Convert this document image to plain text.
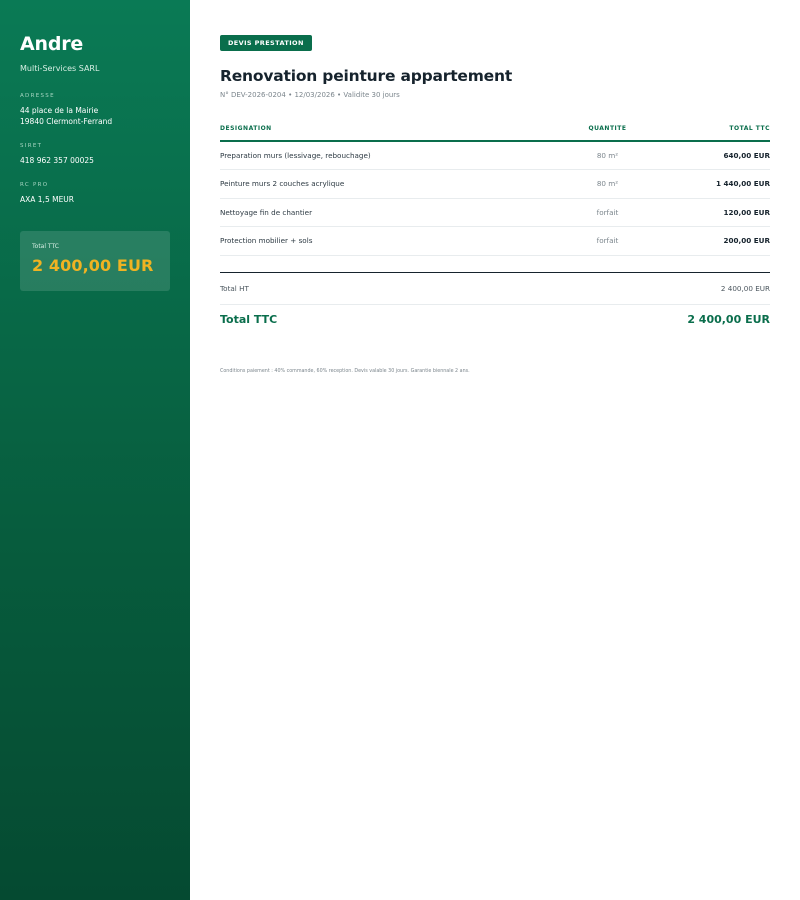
Andre
Multi-Services SARL
ADRESSE
44 place de la Mairie
19840 Clermont-Ferrand
SIRET
418 962 357 00025
RC PRO
AXA 1,5 MEUR
Total TTC
2 400,00 EUR
DEVIS PRESTATION
Renovation peinture appartement
N° DEV-2026-0204 • 12/03/2026 • Validite 30 jours
DESIGNATION	QUANTITE	TOTAL TTC
Preparation murs (lessivage, rebouchage)	80 m²	640,00 EUR
Peinture murs 2 couches acrylique	80 m²	1 440,00 EUR
Nettoyage fin de chantier	forfait	120,00 EUR
Protection mobilier + sols	forfait	200,00 EUR
Total HT	2 400,00 EUR
Total TTC	2 400,00 EUR

Conditions paiement : 40% commande, 60% reception. Devis valable 30 jours. Garantie biennale 2 ans.
